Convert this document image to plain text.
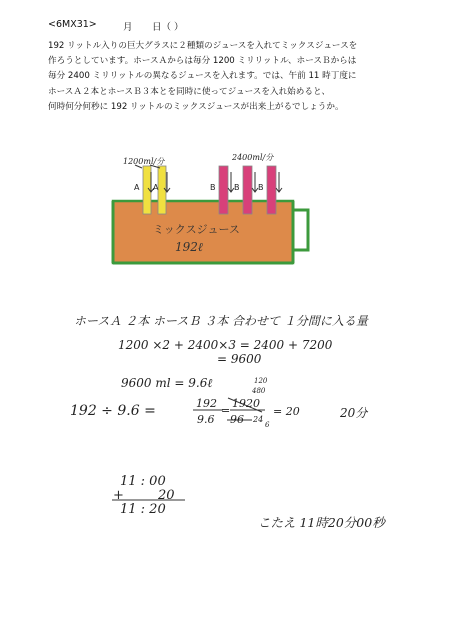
<6MX31>	月 日（ ）
192 リットル入りの巨大グラスに２種類のジュースを入れてミックスジュースを
作ろうとしています。ホースＡからは毎分 1200 ミリリットル、ホースＢからは
毎分 2400 ミリリットルの異なるジュースを入れます。では、午前 11 時丁度に
ホースＡ２本とホースＢ３本とを同時に使ってジュースを入れ始めると、
何時何分何秒に 192 リットルのミックスジュースが出来上がるでしょうか。
1200ml/分	2400ml/分
A A	B B B
ミックスジュース
192ℓ
ホースＡ ２本 ホースＢ ３本 合わせて １分間に入る量
1200 ×2 + 2400×3 = 2400 + 7200
= 9600
9600 ml = 9.6ℓ
192 ÷ 9.6 =	192
9.6
=
1920
96
120
480
24
6
= 20	20分
11 : 00
+	20
11 : 20
こたえ 11時20分00秒
